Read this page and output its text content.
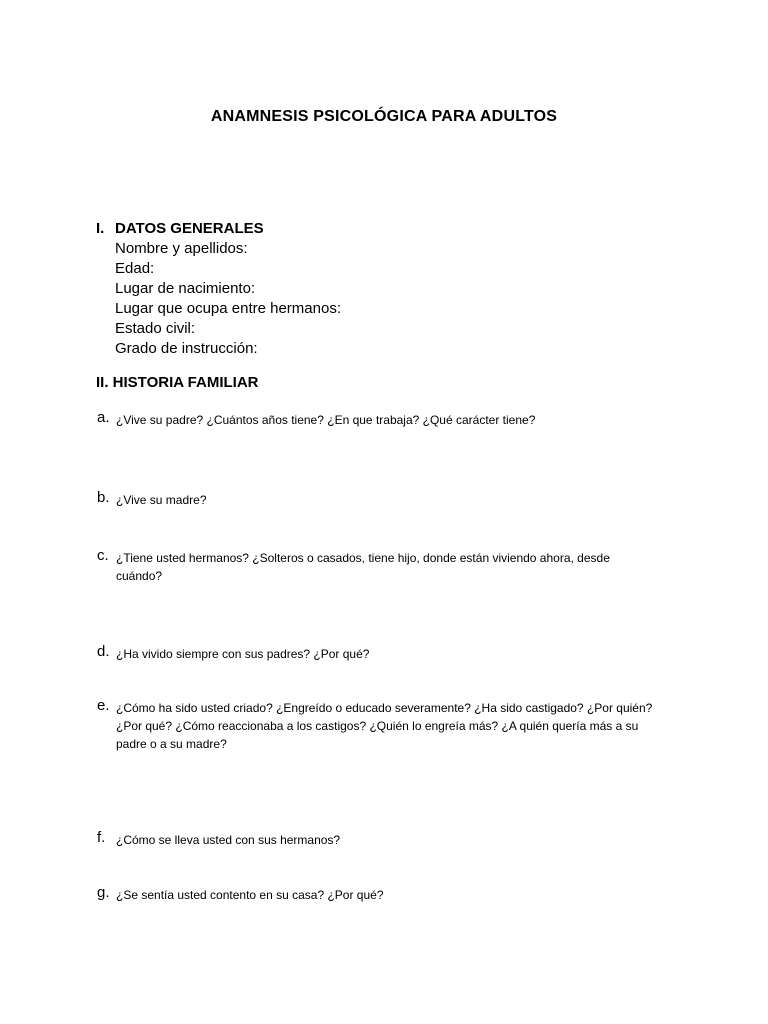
ANAMNESIS PSICOLÓGICA PARA ADULTOS

I. DATOS GENERALES

Nombre y apellidos:
Edad:
Lugar de nacimiento:
Lugar que ocupa entre hermanos:
Estado civil:
Grado de instrucción:

II. HISTORIA FAMILIAR

a. ¿Vive su padre? ¿Cuántos años tiene? ¿En que trabaja? ¿Qué carácter tiene?
b. ¿Vive su madre?
c. ¿Tiene usted hermanos? ¿Solteros o casados, tiene hijo, donde están viviendo ahora, desde cuándo?
d. ¿Ha vivido siempre con sus padres? ¿Por qué?
e. ¿Cómo ha sido usted criado? ¿Engreído o educado severamente? ¿Ha sido castigado? ¿Por quién? ¿Por qué? ¿Cómo reaccionaba a los castigos? ¿Quién lo engreía más? ¿A quién quería más a su padre o a su madre?
f. ¿Cómo se lleva usted con sus hermanos?
g. ¿Se sentía usted contento en su casa? ¿Por qué?
